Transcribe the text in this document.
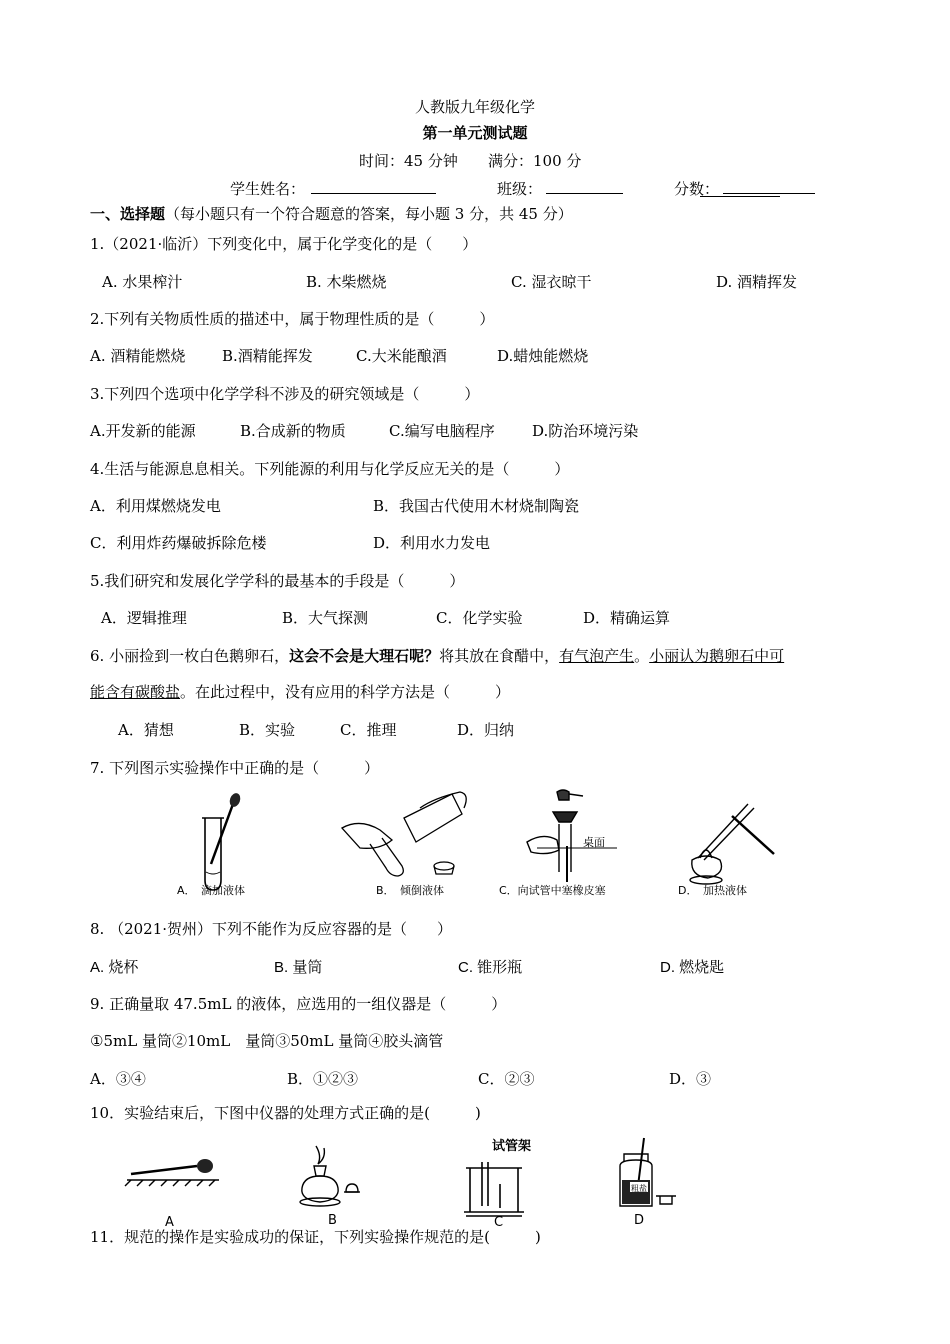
人教版九年级化学
第一单元测试题
时间：45 分钟 满分：100 分
学生姓名：	班级：	分数：
一、选择题（每小题只有一个符合题意的答案，每小题 3 分，共 45 分）
1.（2021·临沂）下列变化中，属于化学变化的是（　　）
A. 水果榨汁	B. 木柴燃烧	C. 湿衣晾干	D. 酒精挥发
2.下列有关物质性质的描述中，属于物理性质的是（　　　）
A. 酒精能燃烧 B.酒精能挥发	C.大米能酿酒	D.蜡烛能燃烧
3.下列四个选项中化学学科不涉及的研究领域是（　　　）
A.开发新的能源	B.合成新的物质	C.编写电脑程序 D.防治环境污染
4.生活与能源息息相关。下列能源的利用与化学反应无关的是（　　　）
A．利用煤燃烧发电	B．我国古代使用木材烧制陶瓷
C．利用炸药爆破拆除危楼	D．利用水力发电
5.我们研究和发展化学学科的最基本的手段是（　　　）
A．逻辑推理	B．大气探测	C．化学实验	D．精确运算
6. 小丽捡到一枚白色鹅卵石，这会不会是大理石呢？将其放在食醋中，有气泡产生。小丽认为鹅卵石中可
能含有碳酸盐。在此过程中，没有应用的科学方法是（　　　）
A．猜想	B．实验	C．推理	D．归纳
7. 下列图示实验操作中正确的是（　　　）
A．　滴加液体	B．　倾倒液体
桌面
C．向试管中塞橡皮塞	D．　加热液体
8. （2021·贺州）下列不能作为反应容器的是（　　）
A. 烧杯	B. 量筒	C. 锥形瓶	D. 燃烧匙
9. 正确量取 47.5mL 的液体，应选用的一组仪器是（　　　）
①5mL 量筒②10mL　量筒③50mL 量筒④胶头滴管
A．③④	B．①②③	C．②③	D．③
10．实验结束后，下图中仪器的处理方式正确的是(　　　)
A	B
试管架
C
粗盐
D
11．规范的操作是实验成功的保证，下列实验操作规范的是(　　　)
